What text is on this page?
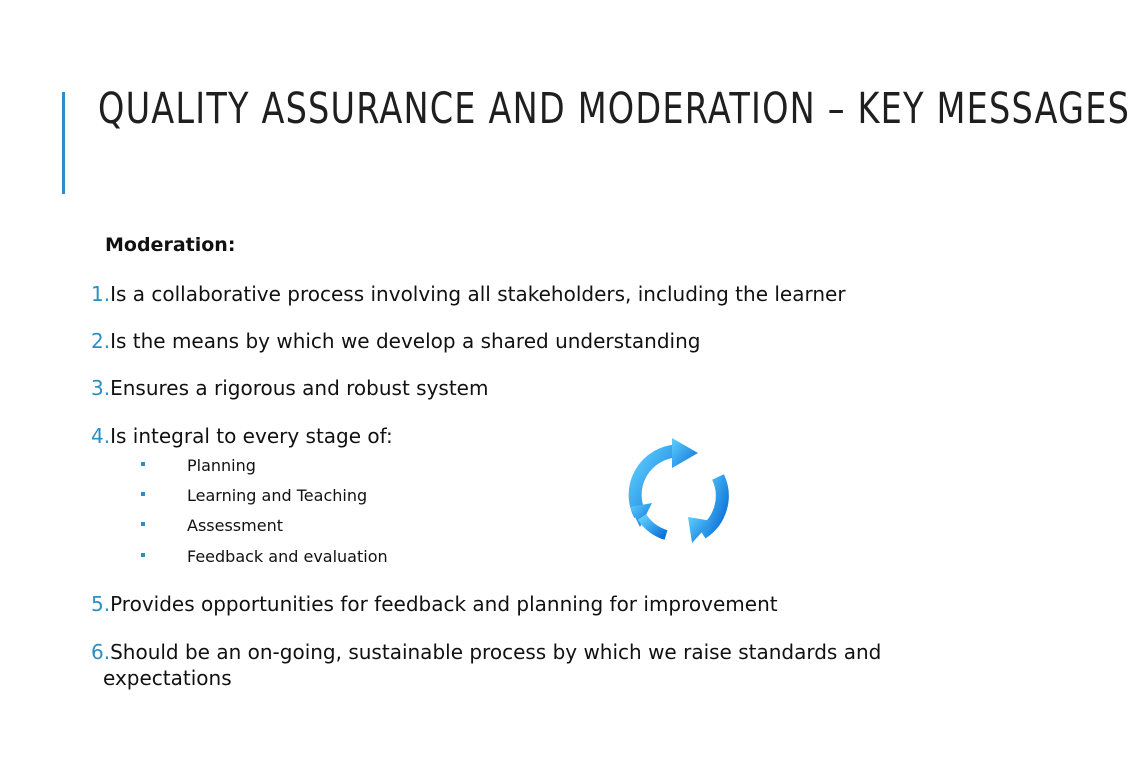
QUALITY ASSURANCE AND MODERATION – KEY MESSAGES
Moderation:
1.Is a collaborative process involving all stakeholders, including the learner
2.Is the means by which we develop a shared understanding
3.Ensures a rigorous and robust system
4.Is integral to every stage of:
Planning
Learning and Teaching
Assessment
Feedback and evaluation
5.Provides opportunities for feedback and planning for improvement
6.Should be an on-going, sustainable process by which we raise standards and
expectations
